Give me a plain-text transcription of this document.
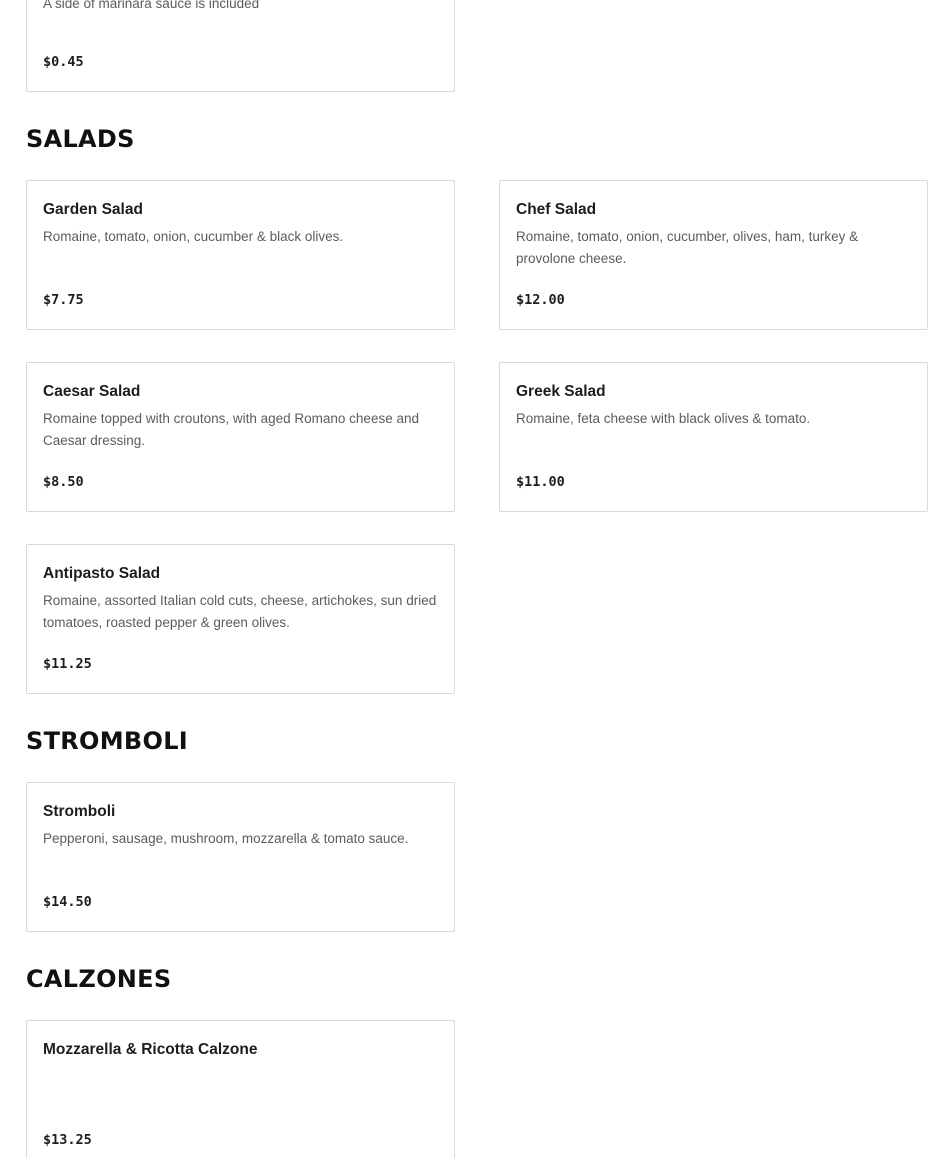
A side of marinara sauce is included
$0.45
SALADS
Garden Salad
Romaine, tomato, onion, cucumber & black olives.
$7.75
Chef Salad
Romaine, tomato, onion, cucumber, olives, ham, turkey & provolone cheese.
$12.00
Caesar Salad
Romaine topped with croutons, with aged Romano cheese and Caesar dressing.
$8.50
Greek Salad
Romaine, feta cheese with black olives & tomato.
$11.00
Antipasto Salad
Romaine, assorted Italian cold cuts, cheese, artichokes, sun dried tomatoes, roasted pepper & green olives.
$11.25
STROMBOLI
Stromboli
Pepperoni, sausage, mushroom, mozzarella & tomato sauce.
$14.50
CALZONES
Mozzarella & Ricotta Calzone
$13.25
